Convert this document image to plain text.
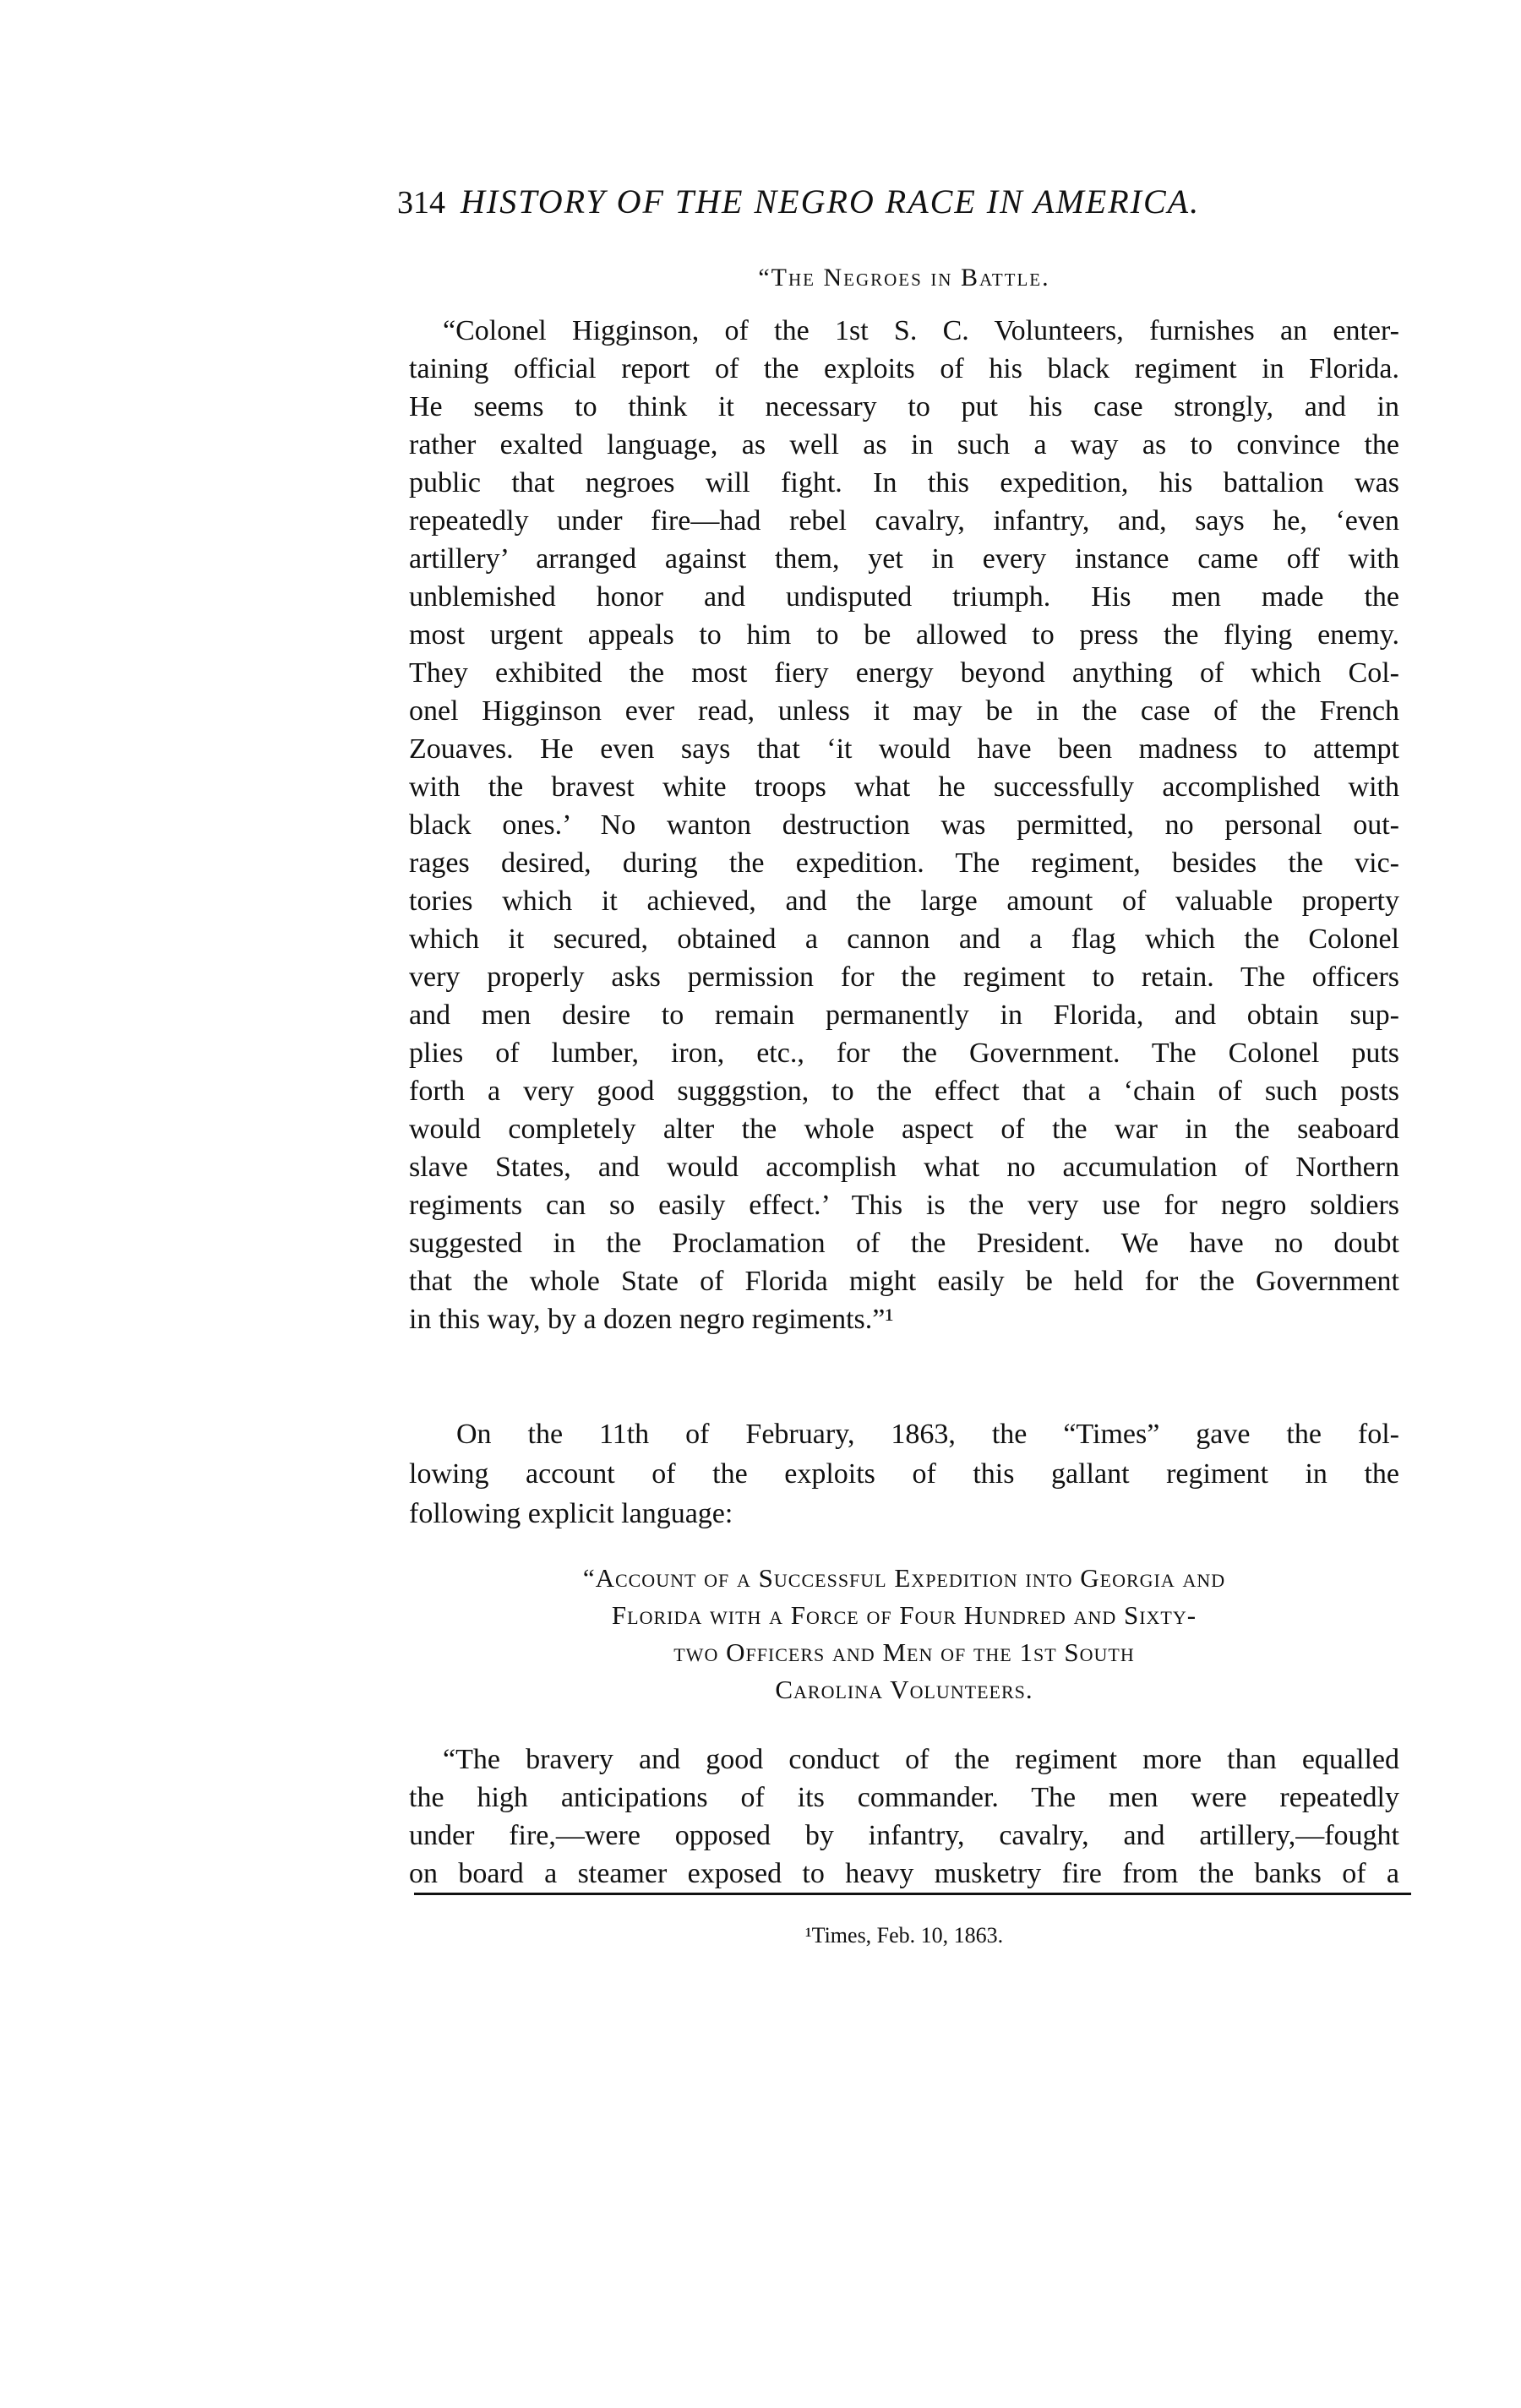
314 HISTORY OF THE NEGRO RACE IN AMERICA.
“The Negroes in Battle.
“Colonel Higginson, of the 1st S. C. Volunteers, furnishes an enter-
taining official report of the exploits of his black regiment in Florida.
He seems to think it necessary to put his case strongly, and in
rather exalted language, as well as in such a way as to convince the
public that negroes will fight. In this expedition, his battalion was
repeatedly under fire—had rebel cavalry, infantry, and, says he, ‘even
artillery’ arranged against them, yet in every instance came off with
unblemished honor and undisputed triumph. His men made the
most urgent appeals to him to be allowed to press the flying enemy.
They exhibited the most fiery energy beyond anything of which Col-
onel Higginson ever read, unless it may be in the case of the French
Zouaves. He even says that ‘it would have been madness to attempt
with the bravest white troops what he successfully accomplished with
black ones.’ No wanton destruction was permitted, no personal out-
rages desired, during the expedition. The regiment, besides the vic-
tories which it achieved, and the large amount of valuable property
which it secured, obtained a cannon and a flag which the Colonel
very properly asks permission for the regiment to retain. The officers
and men desire to remain permanently in Florida, and obtain sup-
plies of lumber, iron, etc., for the Government. The Colonel puts
forth a very good sugggstion, to the effect that a ‘chain of such posts
would completely alter the whole aspect of the war in the seaboard
slave States, and would accomplish what no accumulation of Northern
regiments can so easily effect.’ This is the very use for negro soldiers
suggested in the Proclamation of the President. We have no doubt
that the whole State of Florida might easily be held for the Government
in this way, by a dozen negro regiments.”¹
On the 11th of February, 1863, the “Times” gave the fol-
lowing account of the exploits of this gallant regiment in the
following explicit language:
“Account of a Successful Expedition into Georgia and
Florida with a Force of Four Hundred and Sixty-
two Officers and Men of the 1st South
Carolina Volunteers.
“The bravery and good conduct of the regiment more than equalled
the high anticipations of its commander. The men were repeatedly
under fire,—were opposed by infantry, cavalry, and artillery,—fought
on board a steamer exposed to heavy musketry fire from the banks of a
¹Times, Feb. 10, 1863.
